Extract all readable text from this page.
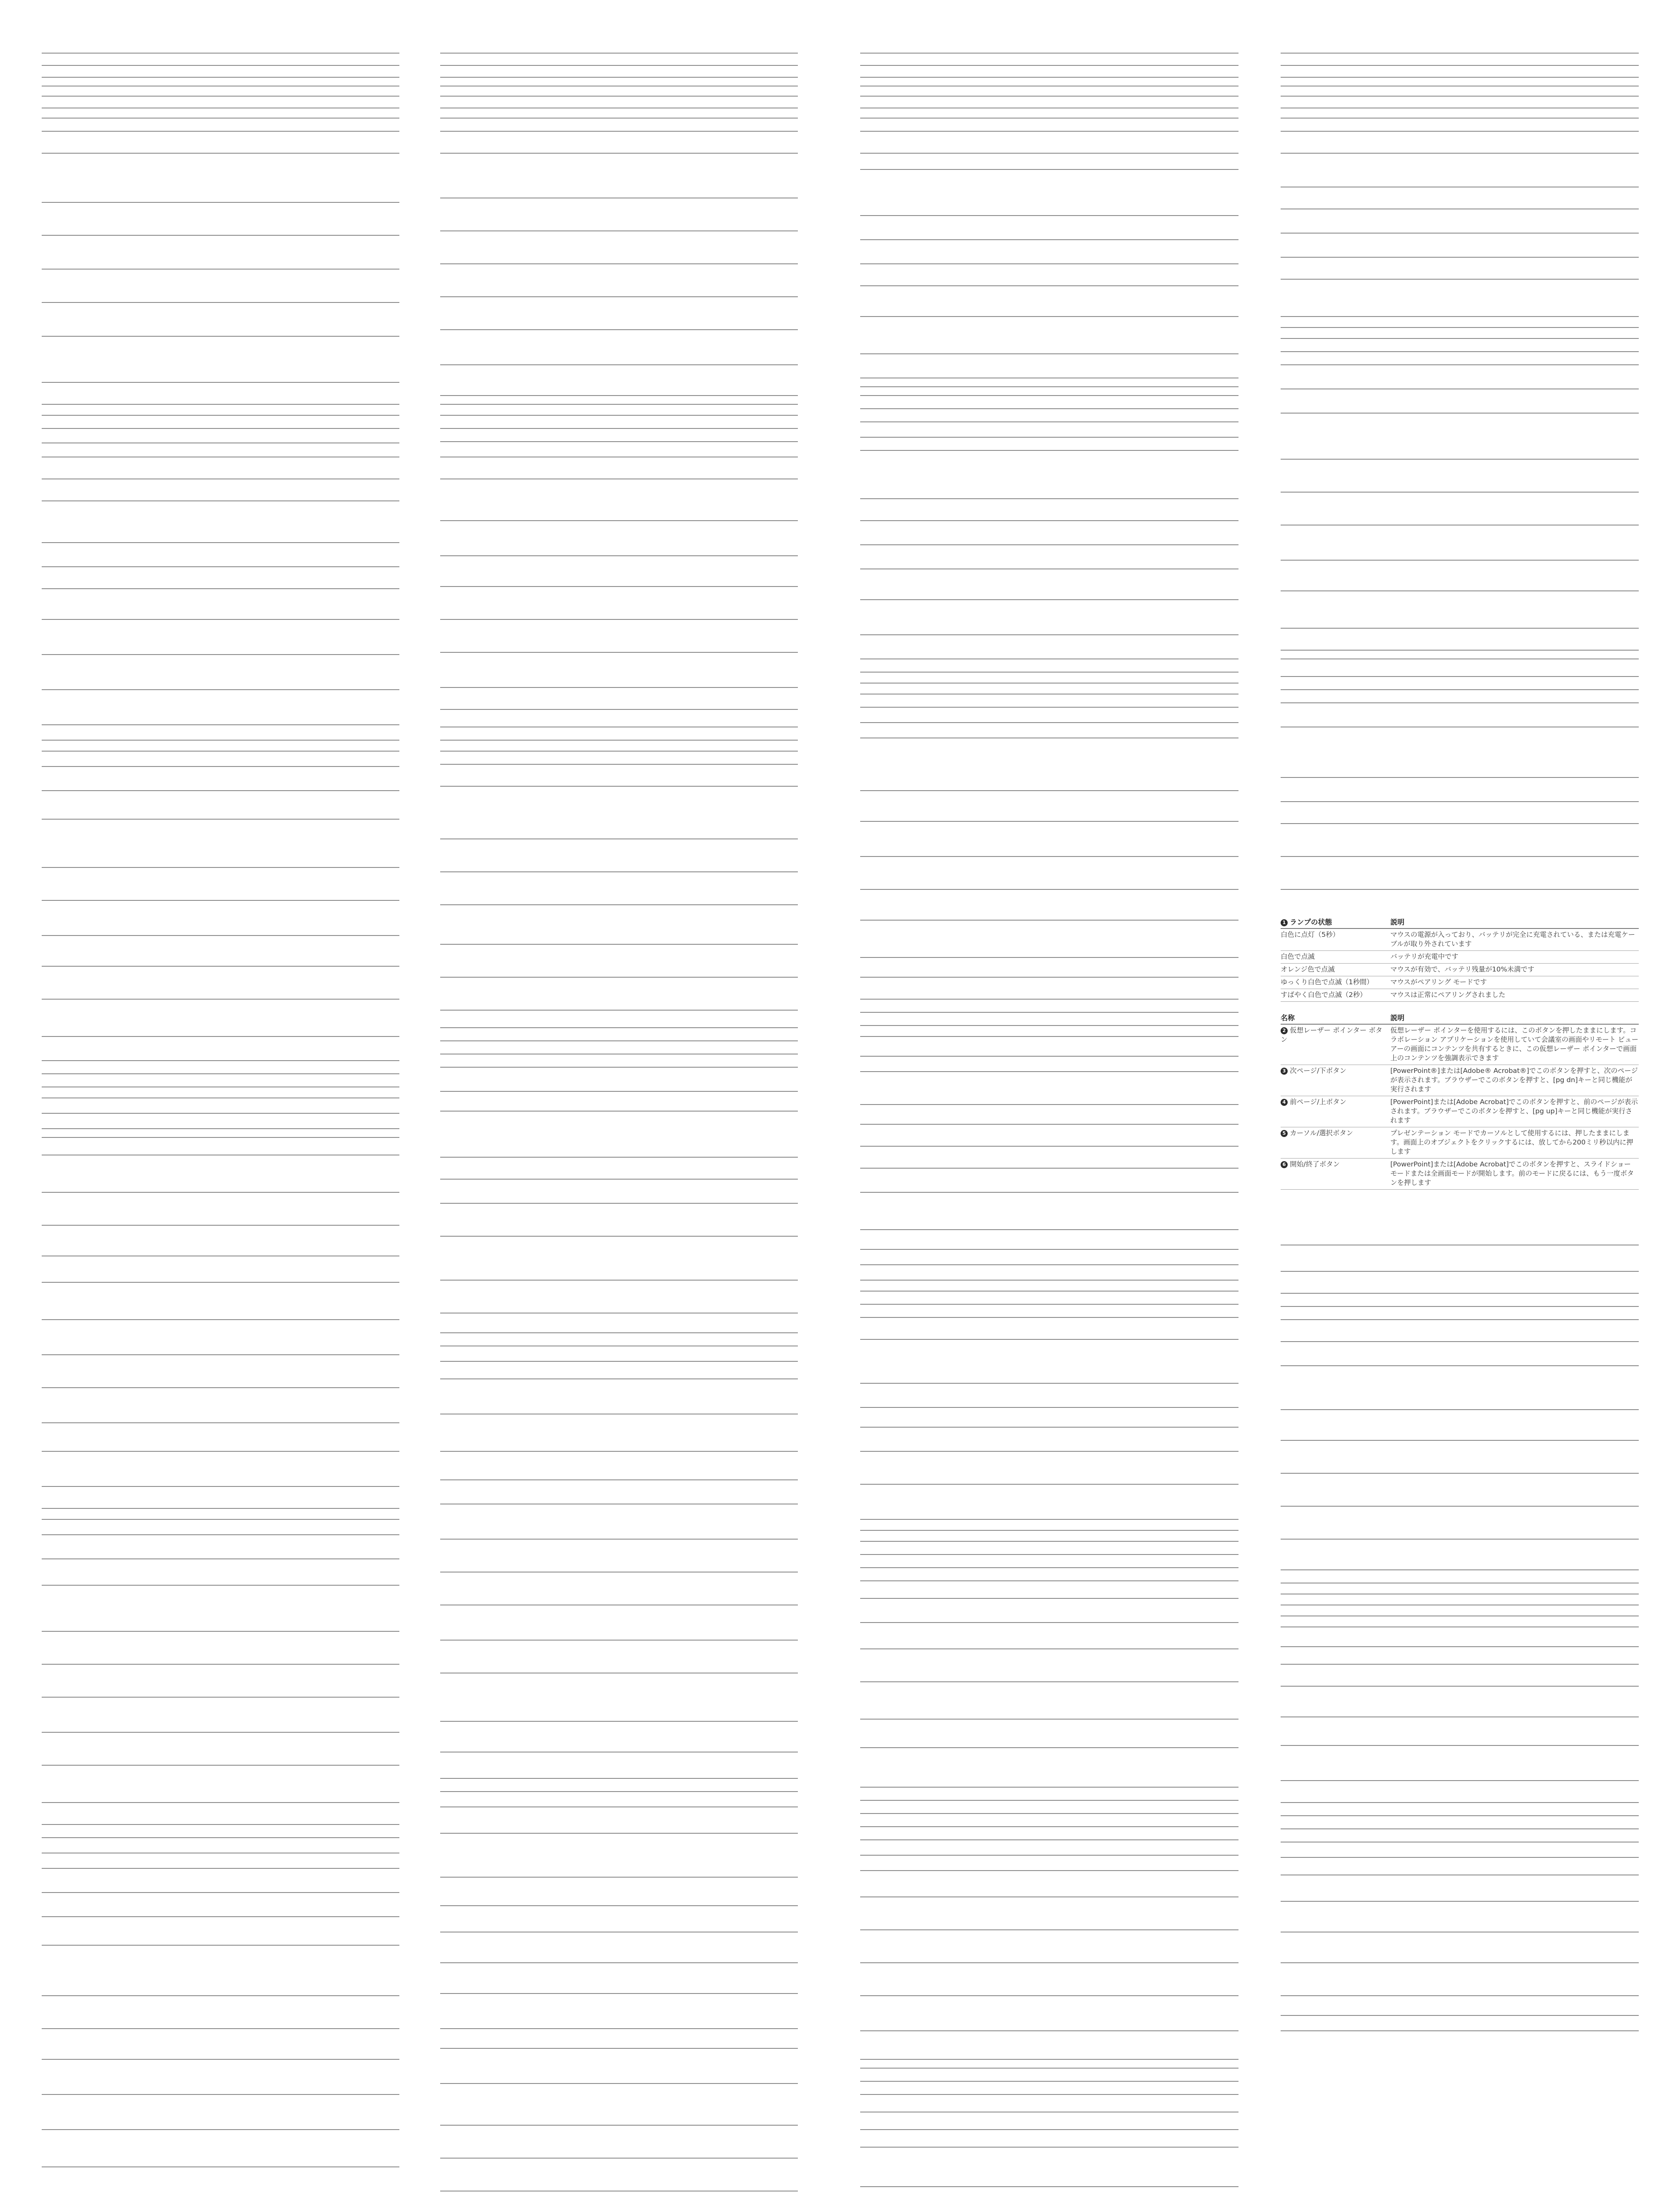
1 ランプの状態	説明
白色に点灯（5秒）	マウスの電源が入っており、バッテリが完全に充電されている、または充電ケーブルが取り外されています
白色で点滅	バッテリが充電中です
オレンジ色で点滅	マウスが有効で、バッテリ残量が10%未満です
ゆっくり白色で点滅（1秒間）	マウスがペアリング モードです
すばやく白色で点滅（2秒）	マウスは正常にペアリングされました
名称	説明
2 仮想レーザー ポインター ボタン	仮想レーザー ポインターを使用するには、このボタンを押したままにします。コラボレーション アプリケーションを使用していて会議室の画面やリモート ビューアーの画面にコンテンツを共有するときに、この仮想レーザー ポインターで画面上のコンテンツを強調表示できます
3 次ページ/下ボタン	[PowerPoint®]または[Adobe® Acrobat®]でこのボタンを押すと、次のページが表示されます。ブラウザーでこのボタンを押すと、[pg dn]キーと同じ機能が実行されます
4 前ページ/上ボタン	[PowerPoint]または[Adobe Acrobat]でこのボタンを押すと、前のページが表示されます。ブラウザーでこのボタンを押すと、[pg up]キーと同じ機能が実行されます
5 カーソル/選択ボタン	プレゼンテーション モードでカーソルとして使用するには、押したままにします。画面上のオブジェクトをクリックするには、放してから200ミリ秒以内に押します
6 開始/終了ボタン	[PowerPoint]または[Adobe Acrobat]でこのボタンを押すと、スライドショー モードまたは全画面モードが開始します。前のモードに戻るには、もう一度ボタンを押します
